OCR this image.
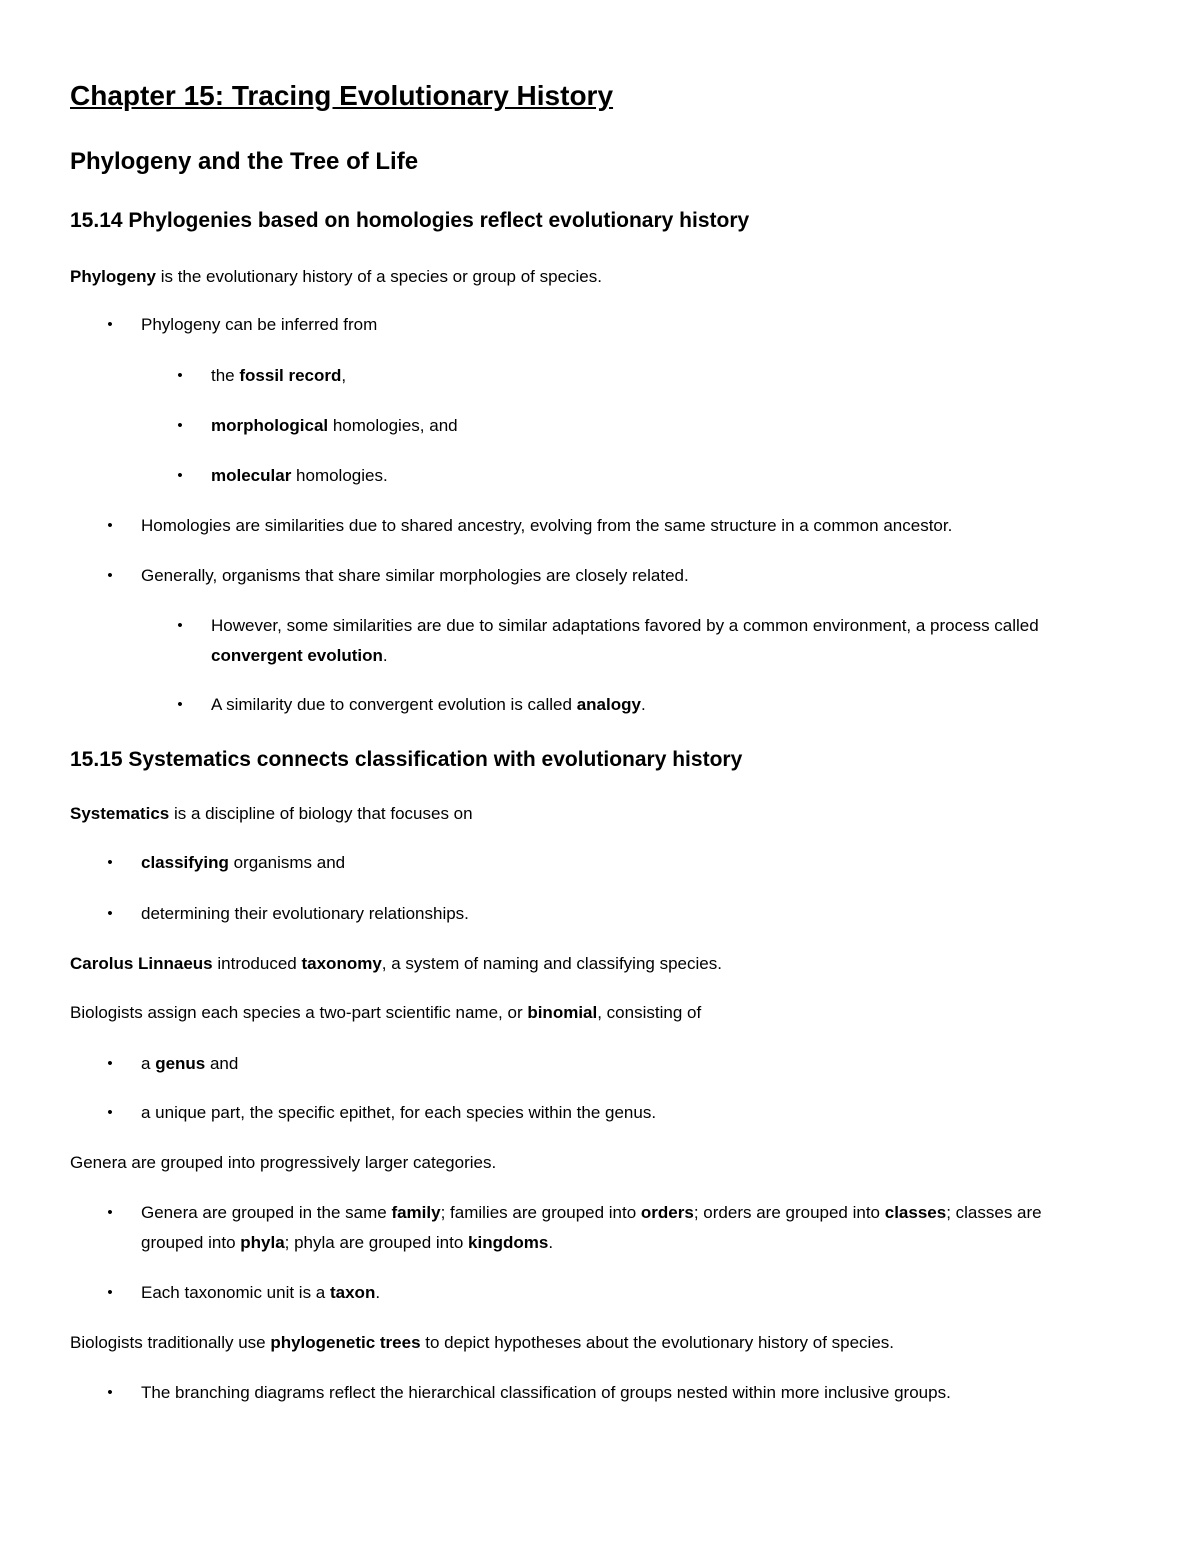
Chapter 15: Tracing Evolutionary History
Phylogeny and the Tree of Life
15.14 Phylogenies based on homologies reflect evolutionary history
Phylogeny is the evolutionary history of a species or group of species.
•	Phylogeny can be inferred from
•	the fossil record,
•	morphological homologies, and
•	molecular homologies.
•	Homologies are similarities due to shared ancestry, evolving from the same structure in a common ancestor.
•	Generally, organisms that share similar morphologies are closely related.
•	However, some similarities are due to similar adaptations favored by a common environment, a process called convergent evolution.
•	A similarity due to convergent evolution is called analogy.
15.15 Systematics connects classification with evolutionary history
Systematics is a discipline of biology that focuses on
•	classifying organisms and
•	determining their evolutionary relationships.
Carolus Linnaeus introduced taxonomy, a system of naming and classifying species.
Biologists assign each species a two-part scientific name, or binomial, consisting of
•	a genus and
•	a unique part, the specific epithet, for each species within the genus.
Genera are grouped into progressively larger categories.
•	Genera are grouped in the same family; families are grouped into orders; orders are grouped into classes; classes are grouped into phyla; phyla are grouped into kingdoms.
•	Each taxonomic unit is a taxon.
Biologists traditionally use phylogenetic trees to depict hypotheses about the evolutionary history of species.
•	The branching diagrams reflect the hierarchical classification of groups nested within more inclusive groups.
